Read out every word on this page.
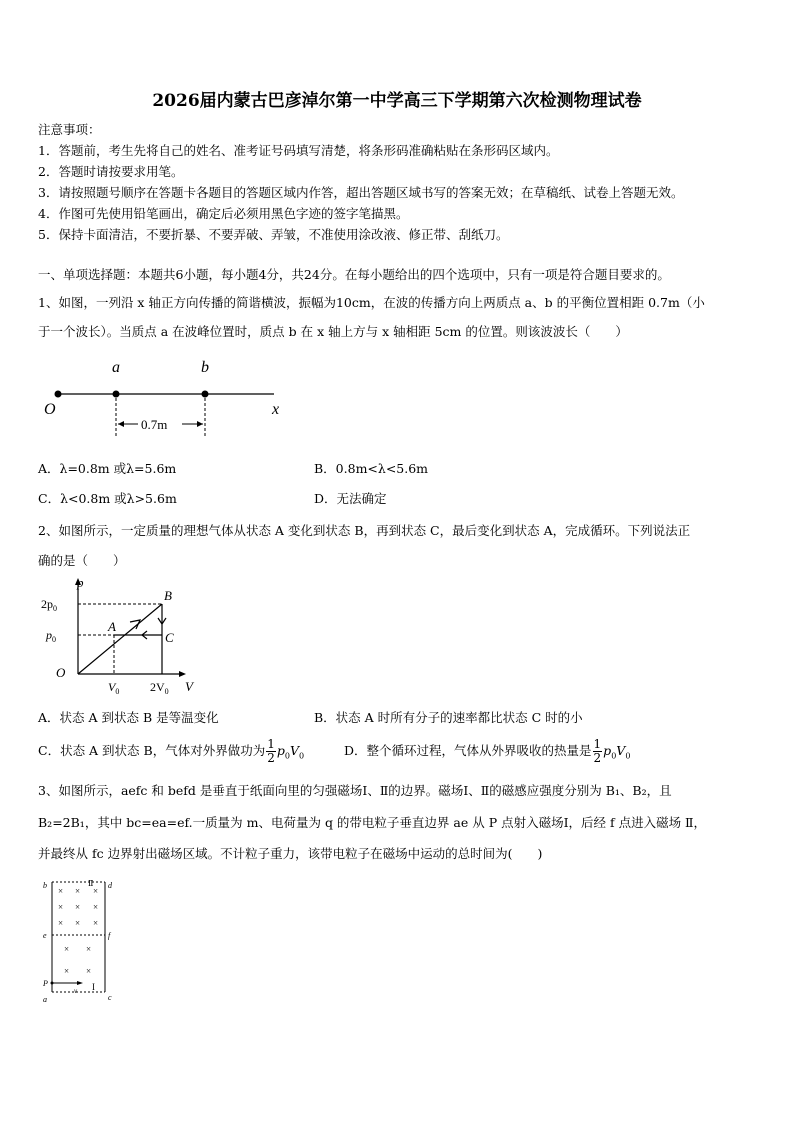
2026届内蒙古巴彦淖尔第一中学高三下学期第六次检测物理试卷
注意事项：
1．答题前，考生先将自己的姓名、准考证号码填写清楚，将条形码准确粘贴在条形码区域内。
2．答题时请按要求用笔。
3．请按照题号顺序在答题卡各题目的答题区域内作答，超出答题区域书写的答案无效；在草稿纸、试卷上答题无效。
4．作图可先使用铅笔画出，确定后必须用黑色字迹的签字笔描黑。
5．保持卡面清洁，不要折暴、不要弄破、弄皱，不准使用涂改液、修正带、刮纸刀。
一、单项选择题：本题共6小题，每小题4分，共24分。在每小题给出的四个选项中，只有一项是符合题目要求的。
1、如图，一列沿 x 轴正方向传播的简谐横波，振幅为10cm，在波的传播方向上两质点 a、b 的平衡位置相距 0.7m（小
于一个波长）。当质点 a 在波峰位置时，质点 b 在 x 轴上方与 x 轴相距 5cm 的位置。则该波波长（　　）
a	b
O	x
0.7m
A．λ=0.8m 或λ=5.6m	B．0.8m<λ<5.6m
C．λ<0.8m 或λ>5.6m	D．无法确定
2、如图所示，一定质量的理想气体从状态 A 变化到状态 B，再到状态 C，最后变化到状态 A，完成循环。下列说法正
确的是（　　）
p
V
O
A
B
C
$2p_0$
$p_0$
$V_0$	$2V_0$
A．状态 A 到状态 B 是等温变化	B．状态 A 时所有分子的速率都比状态 C 时的小
C．状态 A 到状态 B，气体对外界做功为 $\frac{1}{2} p_0V_0$	D．整个循环过程，气体从外界吸收的热量是 $\frac{1}{2} p_0V_0$
3、如图所示，aefc 和 befd 是垂直于纸面向里的匀强磁场Ⅰ、Ⅱ的边界。磁场Ⅰ、Ⅱ的磁感应强度分别为 B₁、B₂，且
B₂=2B₁，其中 bc=ea=ef.一质量为 m、电荷量为 q 的带电粒子垂直边界 ae 从 P 点射入磁场Ⅰ，后经 f 点进入磁场 Ⅱ，
并最终从 fc 边界射出磁场区域。不计粒子重力，该带电粒子在磁场中运动的总时间为(　　)
b	d
e	f
P
a	c
Ⅱ
I
× × ×
× × ×
× × ×
× ×
× ×
v
